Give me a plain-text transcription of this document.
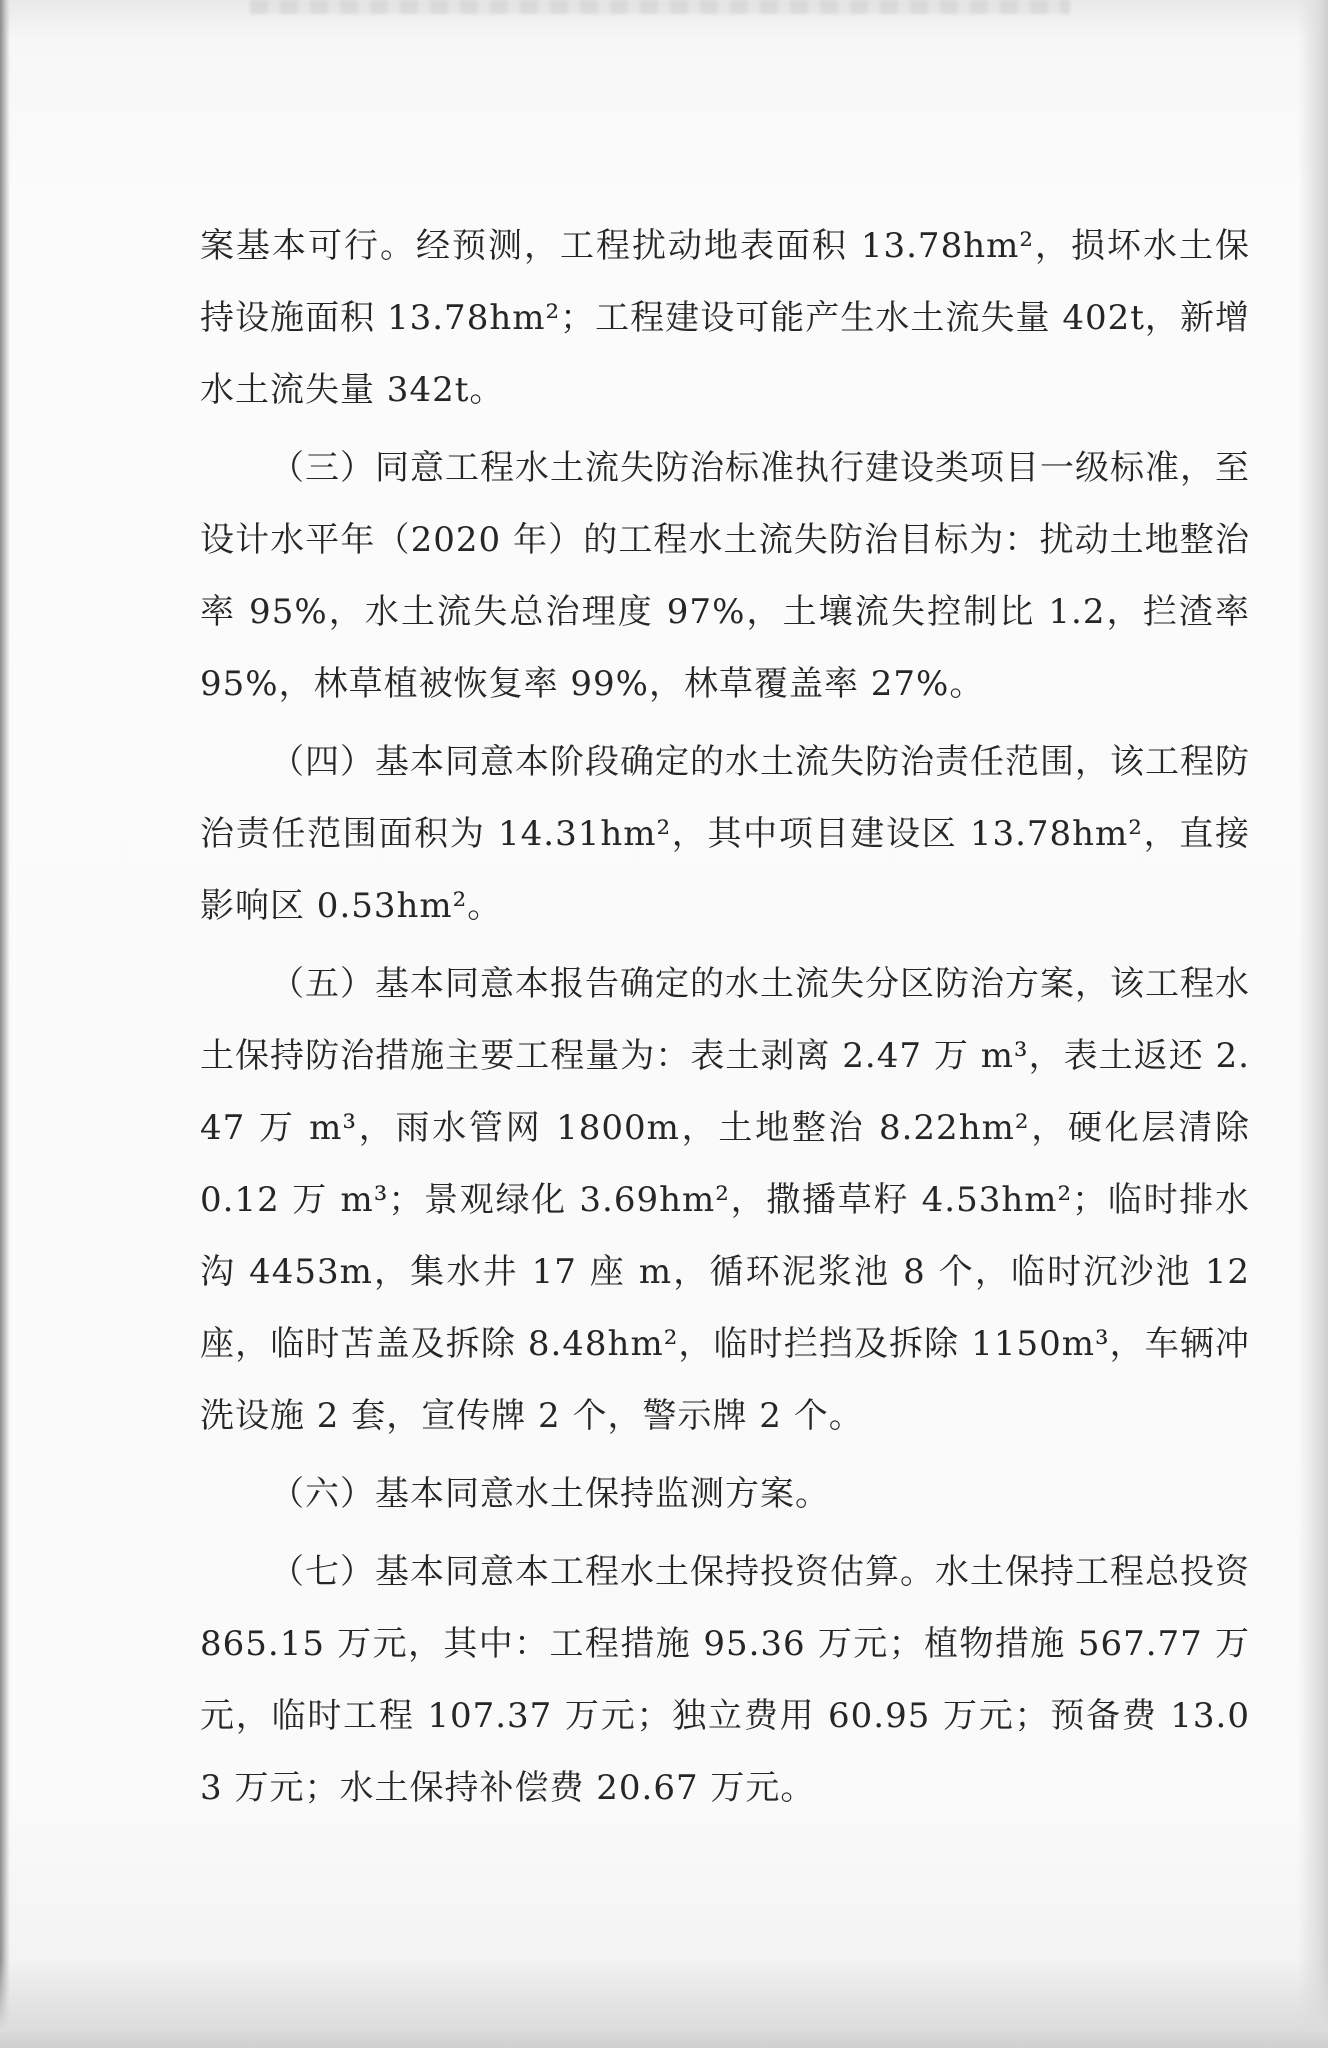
案基本可行。经预测，工程扰动地表面积 13.78hm²，损坏水土保持设施面积 13.78hm²；工程建设可能产生水土流失量 402t，新增水土流失量 342t。

（三）同意工程水土流失防治标准执行建设类项目一级标准，至设计水平年（2020 年）的工程水土流失防治目标为：扰动土地整治率 95%，水土流失总治理度 97%，土壤流失控制比 1.2，拦渣率 95%，林草植被恢复率 99%，林草覆盖率 27%。

（四）基本同意本阶段确定的水土流失防治责任范围，该工程防治责任范围面积为 14.31hm²，其中项目建设区 13.78hm²，直接影响区 0.53hm²。

（五）基本同意本报告确定的水土流失分区防治方案，该工程水土保持防治措施主要工程量为：表土剥离 2.47 万 m³，表土返还 2.47 万 m³，雨水管网 1800m，土地整治 8.22hm²，硬化层清除 0.12 万 m³；景观绿化 3.69hm²，撒播草籽 4.53hm²；临时排水沟 4453m，集水井 17 座 m，循环泥浆池 8 个，临时沉沙池 12 座，临时苫盖及拆除 8.48hm²，临时拦挡及拆除 1150m³，车辆冲洗设施 2 套，宣传牌 2 个，警示牌 2 个。

（六）基本同意水土保持监测方案。

（七）基本同意本工程水土保持投资估算。水土保持工程总投资 865.15 万元，其中：工程措施 95.36 万元；植物措施 567.77 万元，临时工程 107.37 万元；独立费用 60.95 万元；预备费 13.03 万元；水土保持补偿费 20.67 万元。
